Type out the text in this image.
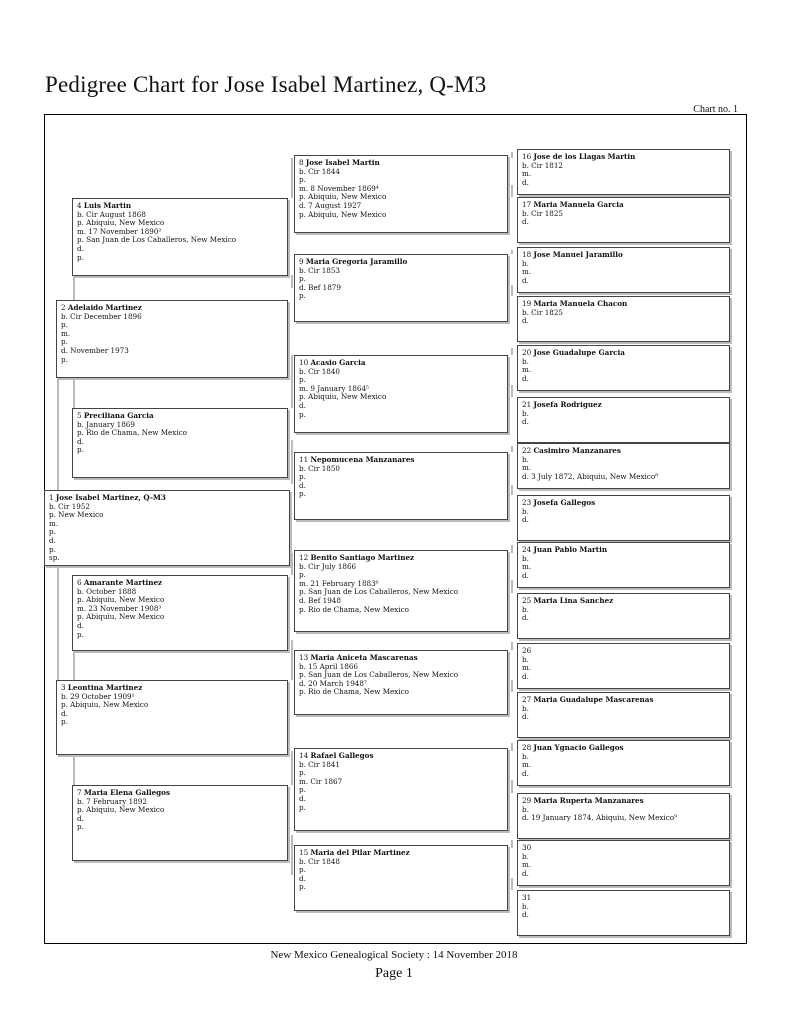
Pedigree Chart for Jose Isabel Martinez, Q-M3
Chart no. 1
1 Jose Isabel Martinez, Q-M3
b. Cir 1952
p. New Mexico
m.
p.
d.
p.
sp.
2 Adelaido Martinez
b. Cir December 1896
p.
m.
p.
d. November 1973
p.
3 Leontina Martinez
b. 29 October 1909¹
p. Abiquiu, New Mexico
d.
p.
4 Luis Martin
b. Cir August 1868
p. Abiquiu, New Mexico
m. 17 November 1890²
p. San Juan de Los Caballeros, New Mexico
d.
p.
5 Preciliana Garcia
b. January 1869
p. Rio de Chama, New Mexico
d.
p.
6 Amarante Martinez
b. October 1888
p. Abiquiu, New Mexico
m. 23 November 1908³
p. Abiquiu, New Mexico
d.
p.
7 Maria Elena Gallegos
b. 7 February 1892
p. Abiquiu, New Mexico
d.
p.
8 Jose Isabel Martin
b. Cir 1844
p.
m. 8 November 1869⁴
p. Abiquiu, New Mexico
d. 7 August 1927
p. Abiquiu, New Mexico
9 Maria Gregoria Jaramillo
b. Cir 1853
p.
d. Bef 1879
p.
10 Acasio Garcia
b. Cir 1840
p.
m. 9 January 1864⁵
p. Abiquiu, New Mexico
d.
p.
11 Nepomucena Manzanares
b. Cir 1850
p.
d.
p.
12 Benito Santiago Martinez
b. Cir July 1866
p.
m. 21 February 1883⁶
p. San Juan de Los Caballeros, New Mexico
d. Bef 1948
p. Rio de Chama, New Mexico
13 Maria Aniceta Mascarenas
b. 15 April 1866
p. San Juan de Los Caballeros, New Mexico
d. 20 March 1948⁷
p. Rio de Chama, New Mexico
14 Rafael Gallegos
b. Cir 1841
p.
m. Cir 1867
p.
d.
p.
15 Maria del Pilar Martinez
b. Cir 1848
p.
d.
p.
16 Jose de los Llagas Martin
b. Cir 1812
m.
d.
17 Maria Manuela Garcia
b. Cir 1825
d.
18 Jose Manuel Jaramillo
b.
m.
d.
19 Maria Manuela Chacon
b. Cir 1825
d.
20 Jose Guadalupe Garcia
b.
m.
d.
21 Josefa Rodriguez
b.
d.
22 Casimiro Manzanares
b.
m.
d. 3 July 1872, Abiquiu, New Mexico⁸
23 Josefa Gallegos
b.
d.
24 Juan Pablo Martin
b.
m.
d.
25 Maria Lina Sanchez
b.
d.
26
b.
m.
d.
27 Maria Guadalupe Mascarenas
b.
d.
28 Juan Ygnacio Gallegos
b.
m.
d.
29 Maria Ruperta Manzanares
b.
d. 19 January 1874, Abiquiu, New Mexico⁹
30
b.
m.
d.
31
b.
d.
New Mexico Genealogical Society : 14 November 2018
Page 1
